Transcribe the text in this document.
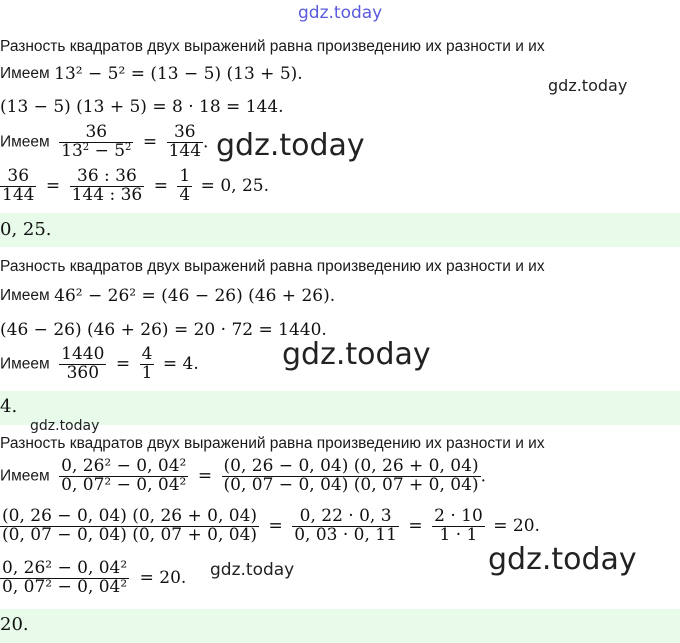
gdz.today
Разность квадратов двух выражений равна произведению их разности и их
Имеем 13² − 5² = (13 − 5) (13 + 5).
gdz.today
(13 − 5) (13 + 5) = 8 · 18 = 144.
Имеем $\frac{36}{13^2 - 5^2} = \frac{36}{144}$ . gdz.today
$\frac{36}{144} = \frac{36 : 36}{144 : 36} = \frac{1}{4} = 0$, 25.
0, 25.
Разность квадратов двух выражений равна произведению их разности и их
Имеем 46² − 26² = (46 − 26) (46 + 26).
(46 − 26) (46 + 26) = 20 · 72 = 1440.
gdz.today
Имеем $\frac{1440}{360} = \frac{4}{1} = 4$.
4.
gdz.today
Разность квадратов двух выражений равна произведению их разности и их
Имеем $\frac{\text{0, 26² − 0, 04²}}{\text{0, 07² − 0, 04²}} = \frac{(0, 26 - 0, 04) (0, 26 + 0, 04)}{(0, 07 - 0, 04) (0, 07 + 0, 04)}$ .
$\frac{(0, 26 - 0, 04) (0, 26 + 0, 04)}{(0, 07 - 0, 04) (0, 07 + 0, 04)} = \frac{0, 22 \cdot 0, 3}{0, 03 \cdot 0, 11} = \frac{2 \cdot 10}{1 \cdot 1} = 20$.
gdz.today
gdz.today
$\frac{\text{0, 26² − 0, 04²}}{\text{0, 07² − 0, 04²}} = 20$.
20.
